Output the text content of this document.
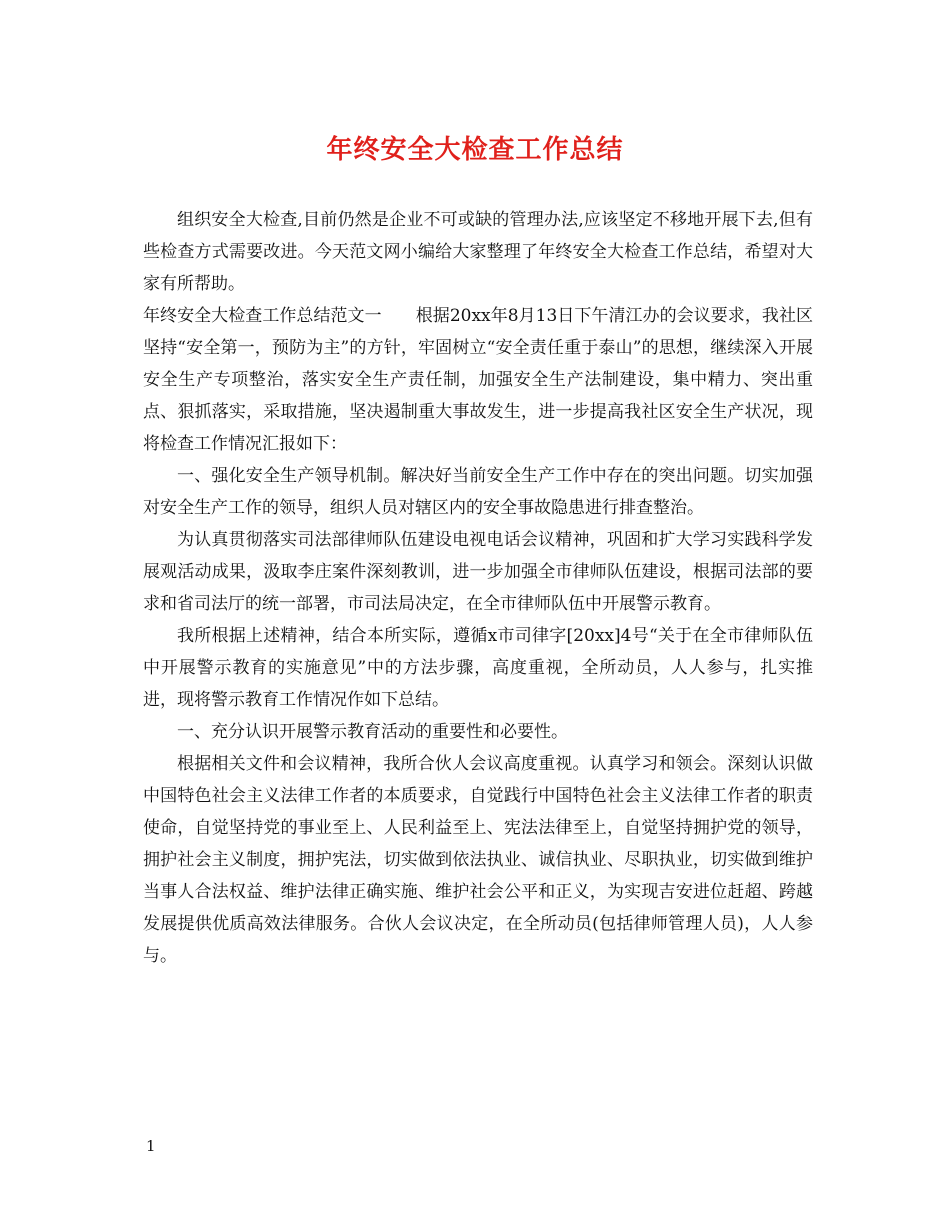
年终安全大检查工作总结

组织安全大检查,目前仍然是企业不可或缺的管理办法,应该坚定不移地开展下去,但有些检查方式需要改进。今天范文网小编给大家整理了年终安全大检查工作总结，希望对大家有所帮助。

年终安全大检查工作总结范文一　　根据20xx年8月13日下午清江办的会议要求，我社区坚持“安全第一，预防为主”的方针，牢固树立“安全责任重于泰山”的思想，继续深入开展安全生产专项整治，落实安全生产责任制，加强安全生产法制建设，集中精力、突出重点、狠抓落实，采取措施，坚决遏制重大事故发生，进一步提高我社区安全生产状况，现将检查工作情况汇报如下：

一、强化安全生产领导机制。解决好当前安全生产工作中存在的突出问题。切实加强对安全生产工作的领导，组织人员对辖区内的安全事故隐患进行排查整治。

为认真贯彻落实司法部律师队伍建设电视电话会议精神，巩固和扩大学习实践科学发展观活动成果，汲取李庄案件深刻教训，进一步加强全市律师队伍建设，根据司法部的要求和省司法厅的统一部署，市司法局决定，在全市律师队伍中开展警示教育。

我所根据上述精神，结合本所实际，遵循x市司律字[20xx]4号“关于在全市律师队伍中开展警示教育的实施意见”中的方法步骤，高度重视，全所动员，人人参与，扎实推进，现将警示教育工作情况作如下总结。

一、充分认识开展警示教育活动的重要性和必要性。

根据相关文件和会议精神，我所合伙人会议高度重视。认真学习和领会。深刻认识做中国特色社会主义法律工作者的本质要求，自觉践行中国特色社会主义法律工作者的职责使命，自觉坚持党的事业至上、人民利益至上、宪法法律至上，自觉坚持拥护党的领导，拥护社会主义制度，拥护宪法，切实做到依法执业、诚信执业、尽职执业，切实做到维护当事人合法权益、维护法律正确实施、维护社会公平和正义，为实现吉安进位赶超、跨越发展提供优质高效法律服务。合伙人会议决定，在全所动员(包括律师管理人员)，人人参与。

1
